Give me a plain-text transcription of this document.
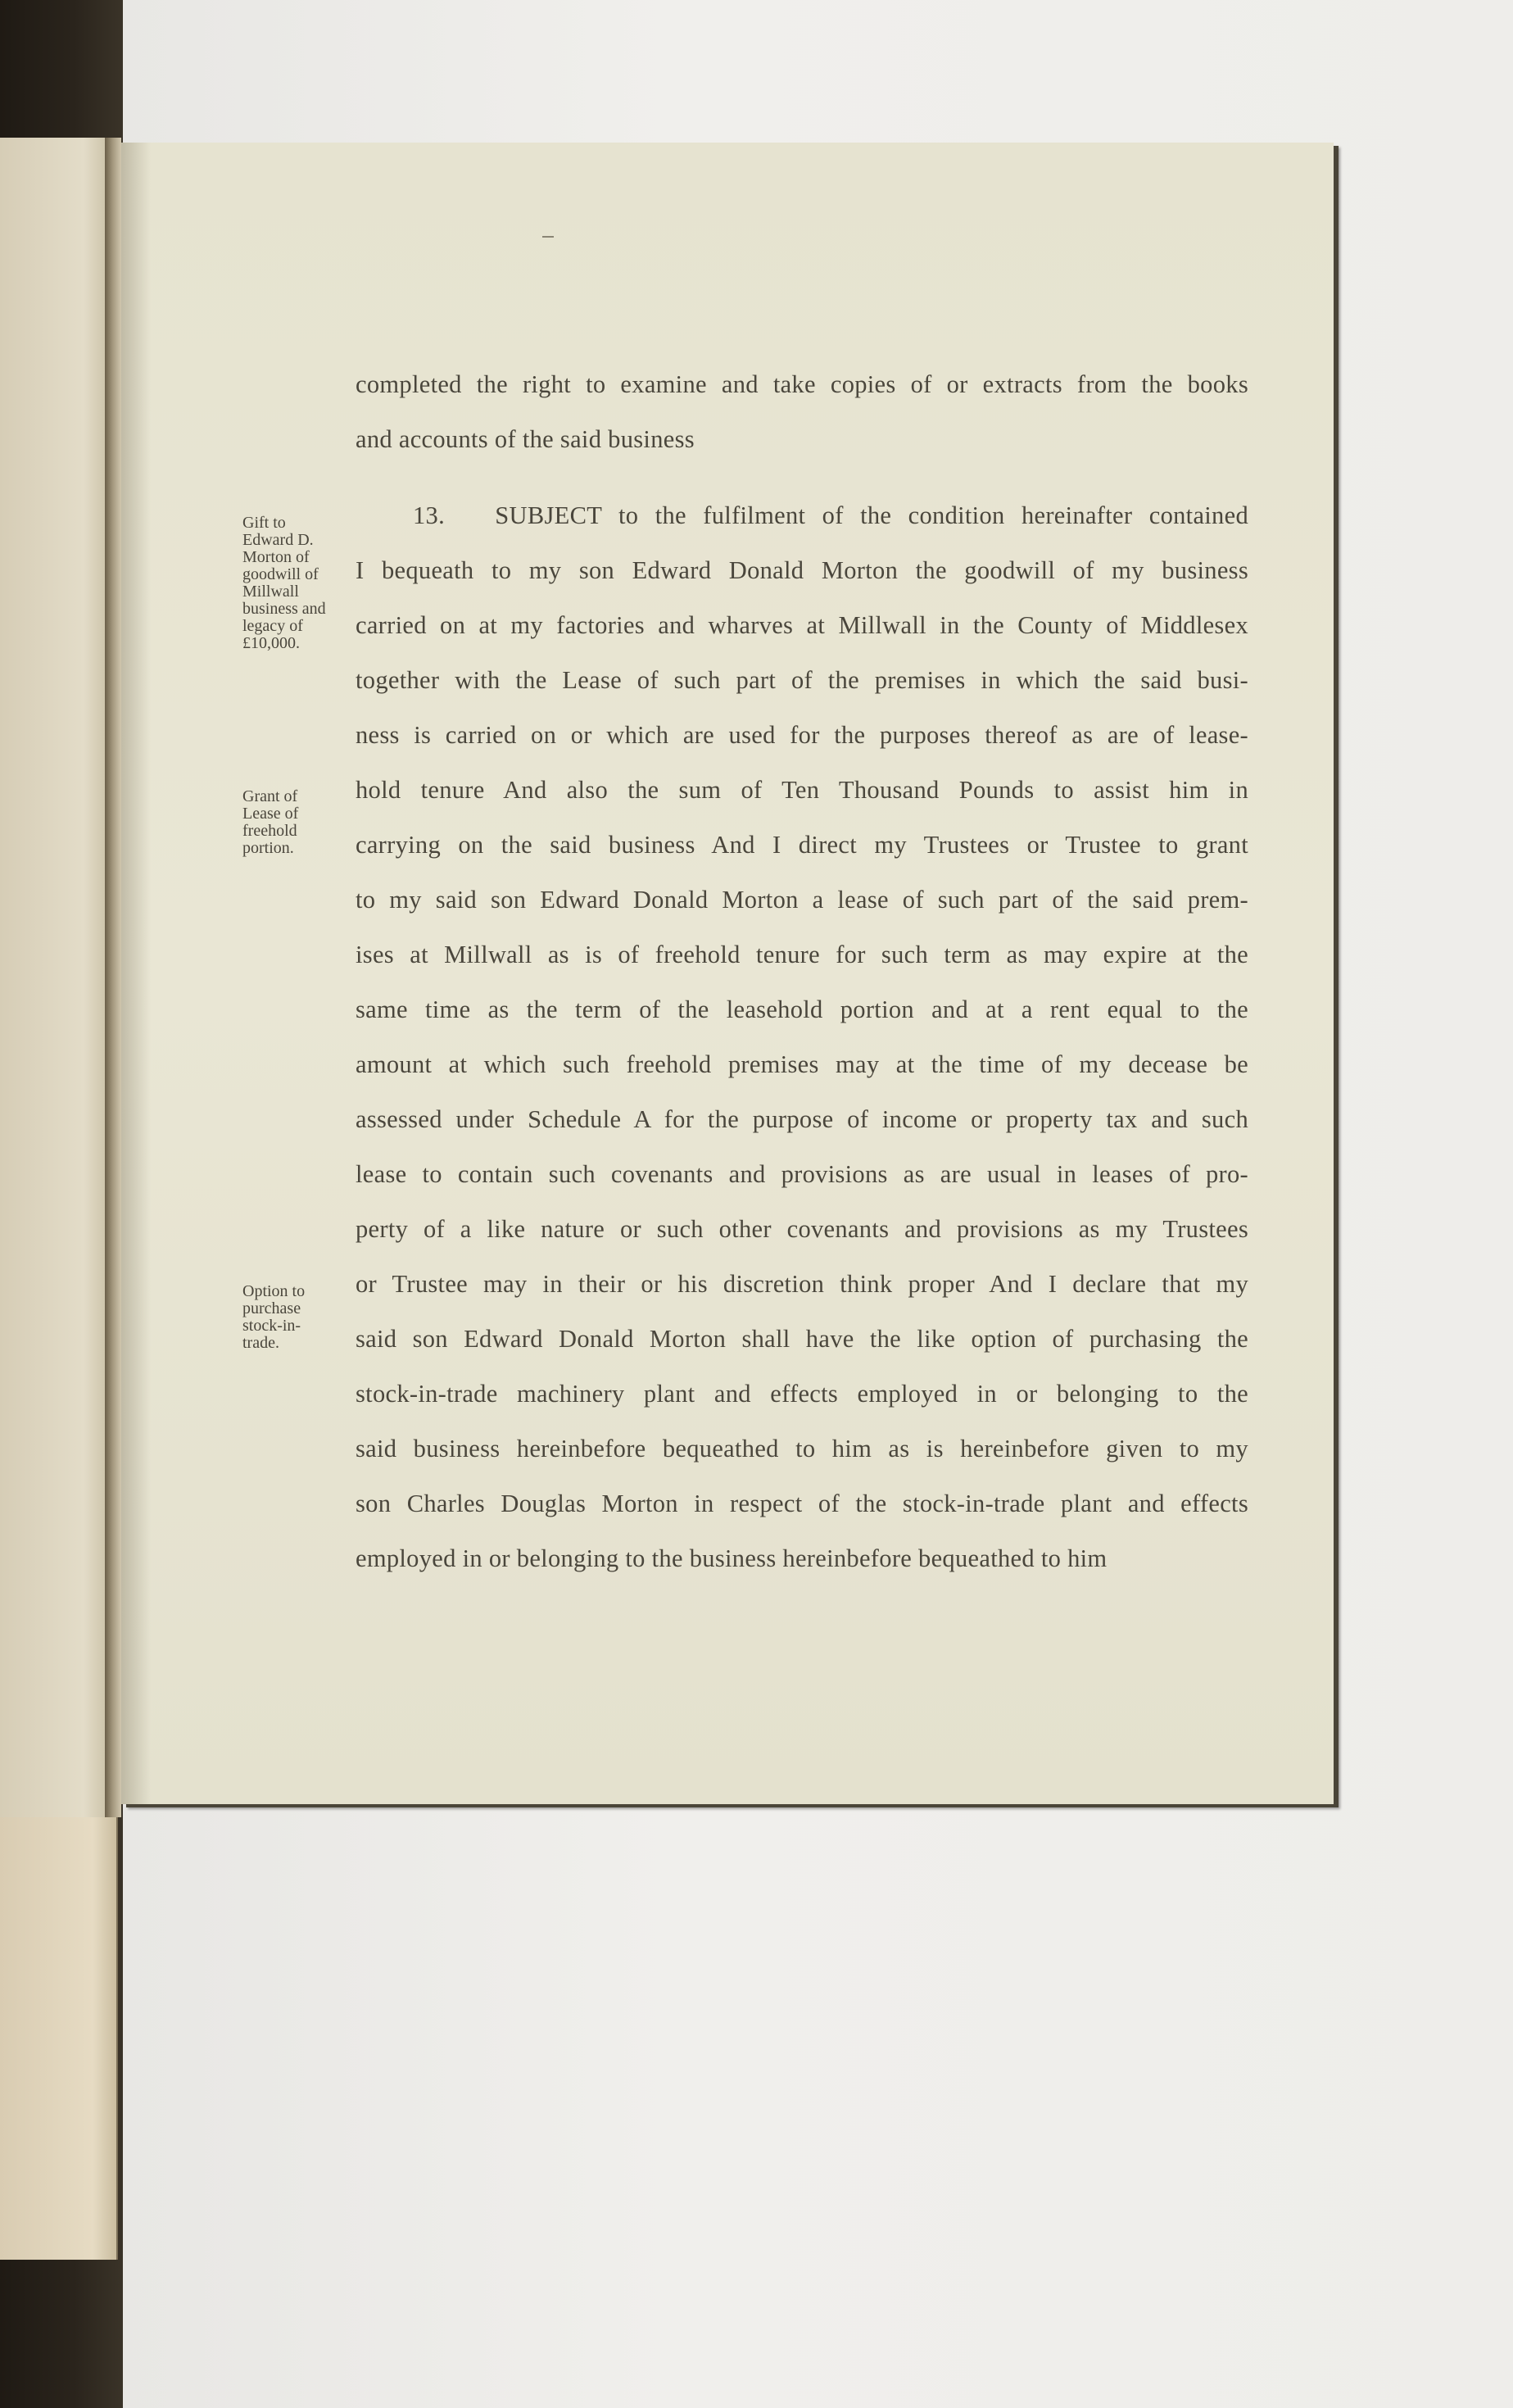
completed the right to examine and take copies of or extracts from the books
and accounts of the said business
13. SUBJECT to the fulfilment of the condition hereinafter contained
I bequeath to my son Edward Donald Morton the goodwill of my business
carried on at my factories and wharves at Millwall in the County of Middlesex
together with the Lease of such part of the premises in which the said busi-
ness is carried on or which are used for the purposes thereof as are of lease-
hold tenure And also the sum of Ten Thousand Pounds to assist him in
carrying on the said business And I direct my Trustees or Trustee to grant
to my said son Edward Donald Morton a lease of such part of the said prem-
ises at Millwall as is of freehold tenure for such term as may expire at the
same time as the term of the leasehold portion and at a rent equal to the
amount at which such freehold premises may at the time of my decease be
assessed under Schedule A for the purpose of income or property tax and such
lease to contain such covenants and provisions as are usual in leases of pro-
perty of a like nature or such other covenants and provisions as my Trustees
or Trustee may in their or his discretion think proper And I declare that my
said son Edward Donald Morton shall have the like option of purchasing the
stock-in-trade machinery plant and effects employed in or belonging to the
said business hereinbefore bequeathed to him as is hereinbefore given to my
son Charles Douglas Morton in respect of the stock-in-trade plant and effects
employed in or belonging to the business hereinbefore bequeathed to him
Gift to
Edward D.
Morton of
goodwill of
Millwall
business and
legacy of
£10,000.
Grant of
Lease of
freehold
portion.
Option to
purchase
stock-in-
trade.
